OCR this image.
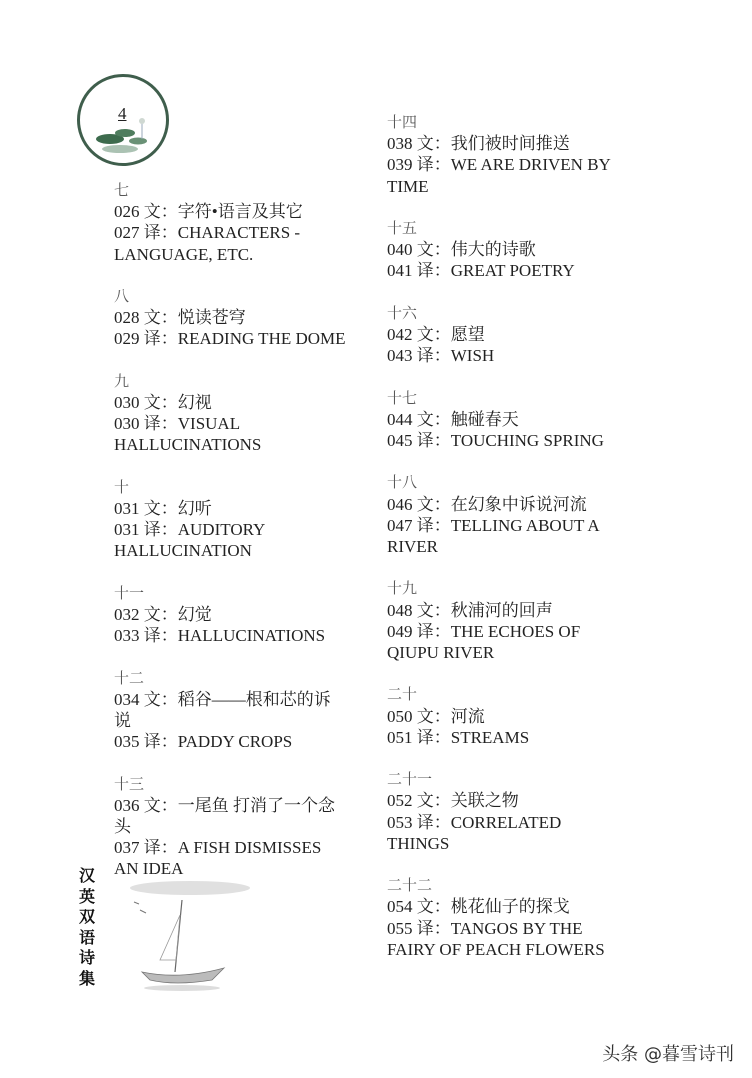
4
七
026 文：字符•语言及其它
027 译：CHARACTERS - LANGUAGE, ETC.
八
028 文：悦读苍穹
029 译：READING THE DOME
九
030 文：幻视
030 译：VISUAL HALLUCINATIONS
十
031 文：幻听
031 译：AUDITORY HALLUCINATION
十一
032 文：幻觉
033 译：HALLUCINATIONS
十二
034 文：稻谷——根和芯的诉说
035 译：PADDY CROPS
十三
036 文：一尾鱼 打消了一个念头
037 译：A FISH DISMISSES AN IDEA
十四
038 文：我们被时间推送
039 译：WE ARE DRIVEN BY TIME
十五
040 文：伟大的诗歌
041 译：GREAT POETRY
十六
042 文：愿望
043 译：WISH
十七
044 文：触碰春天
045 译：TOUCHING SPRING
十八
046 文：在幻象中诉说河流
047 译：TELLING ABOUT A RIVER
十九
048 文：秋浦河的回声
049 译：THE ECHOES OF QIUPU RIVER
二十
050 文：河流
051 译：STREAMS
二十一
052 文：关联之物
053 译：CORRELATED THINGS
二十二
054 文：桃花仙子的探戈
055 译：TANGOS BY THE FAIRY OF PEACH FLOWERS
汉
英
双
语
诗
集
头条 @暮雪诗刊
